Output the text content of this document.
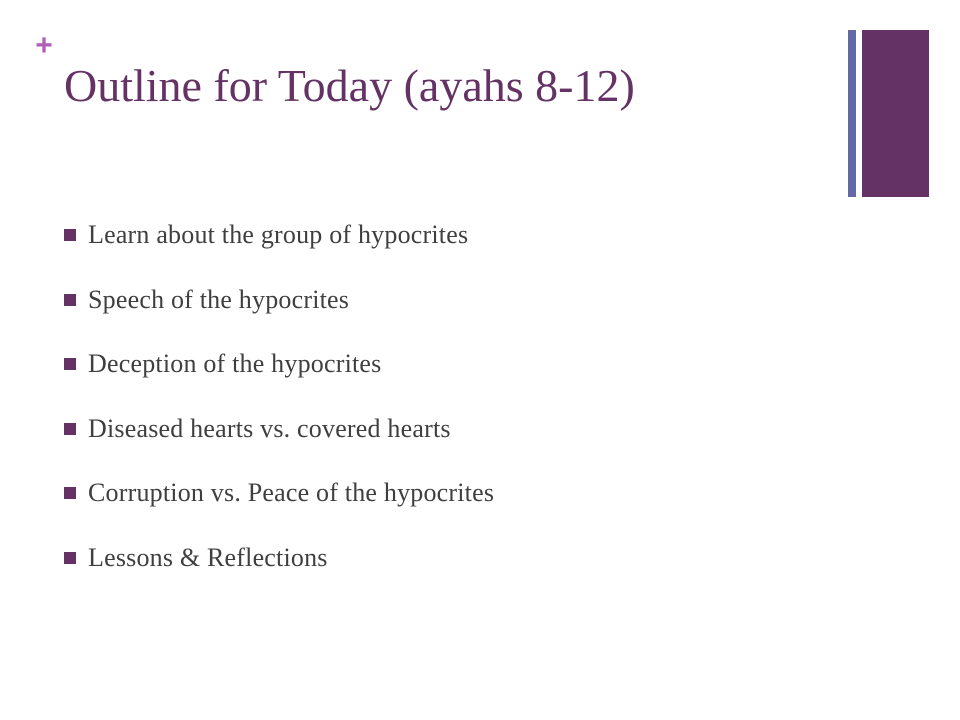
+
Outline for Today (ayahs 8-12)
Learn about the group of hypocrites
Speech of the hypocrites
Deception of the hypocrites
Diseased hearts vs. covered hearts
Corruption vs. Peace of the hypocrites
Lessons & Reflections
